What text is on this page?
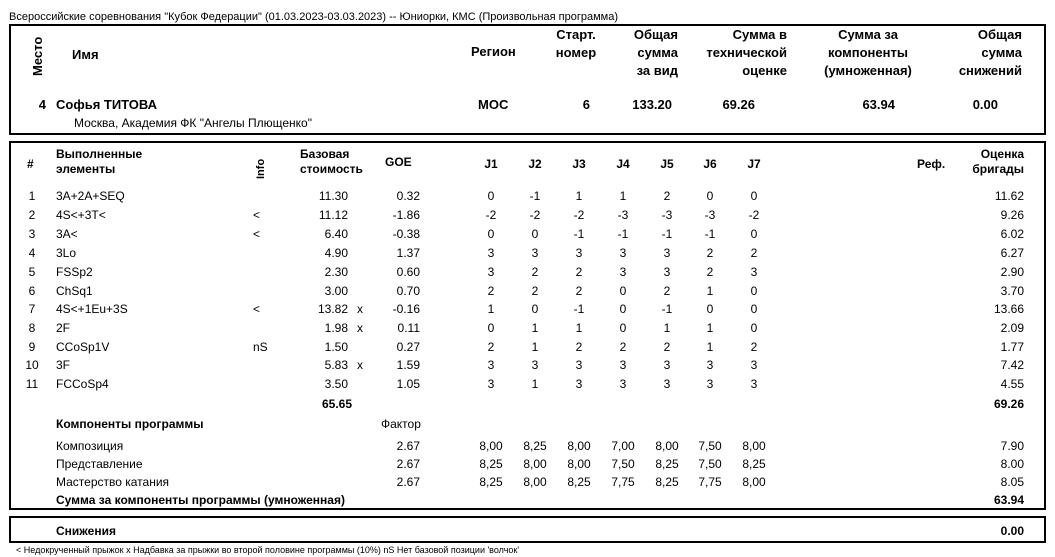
Всероссийские соревнования "Кубок Федерации" (01.03.2023-03.03.2023) -- Юниорки, КМС (Произвольная программа)
Место Имя	Регион
Старт.
номер
Общая
сумма
за вид
Сумма в
технической
оценке
Сумма за
компоненты
(умноженная)
Общая
сумма
снижений
4 Софья ТИТОВА	МОС	6	133.20	69.26	63.94	0.00
Москва, Академия ФК "Ангелы Плющенко"
#
Выполненные
элементы	Info
Базовая
стоимость GOE	J1	J2	J3	J4	J5	J6	J7	Реф.
Оценка
бригады
1	3A+2A+SEQ	11.30	0.32	0	-1	1	1	2	0	0	11.62
2	4S<+3T<	<	11.12	-1.86	-2	-2	-2	-3	-3	-3	-2	9.26
3	3A<	<	6.40	-0.38	0	0	-1	-1	-1	-1	0	6.02
4	3Lo	4.90	1.37	3	3	3	3	3	2	2	6.27
5	FSSp2	2.30	0.60	3	2	2	3	3	2	3	2.90
6	ChSq1	3.00	0.70	2	2	2	0	2	1	0	3.70
7	4S<+1Eu+3S	<	13.82 x	-0.16	1	0	-1	0	-1	0	0	13.66
8	2F	1.98 x	0.11	0	1	1	0	1	1	0	2.09
9	CCoSp1V	nS	1.50	0.27	2	1	2	2	2	1	2	1.77
10 3F	5.83 x	1.59	3	3	3	3	3	3	3	7.42
11 FCCoSp4	3.50	1.05	3	1	3	3	3	3	3	4.55
65.65	69.26
Компоненты программы	Фактор
Композиция	2.67	8,00	8,25	8,00	7,00	8,00	7,50	8,00	7.90
Представление	2.67	8,25	8,00	8,00	7,50	8,25	7,50	8,25	8.00
Мастерство катания	2.67	8,25	8,00	8,25	7,75	8,25	7,75	8,00	8.05
Сумма за компоненты программы (умноженная)	63.94
Снижения	0.00
< Недокрученный прыжок x Надбавка за прыжки во второй половине программы (10%) nS Нет базовой позиции 'волчок'
